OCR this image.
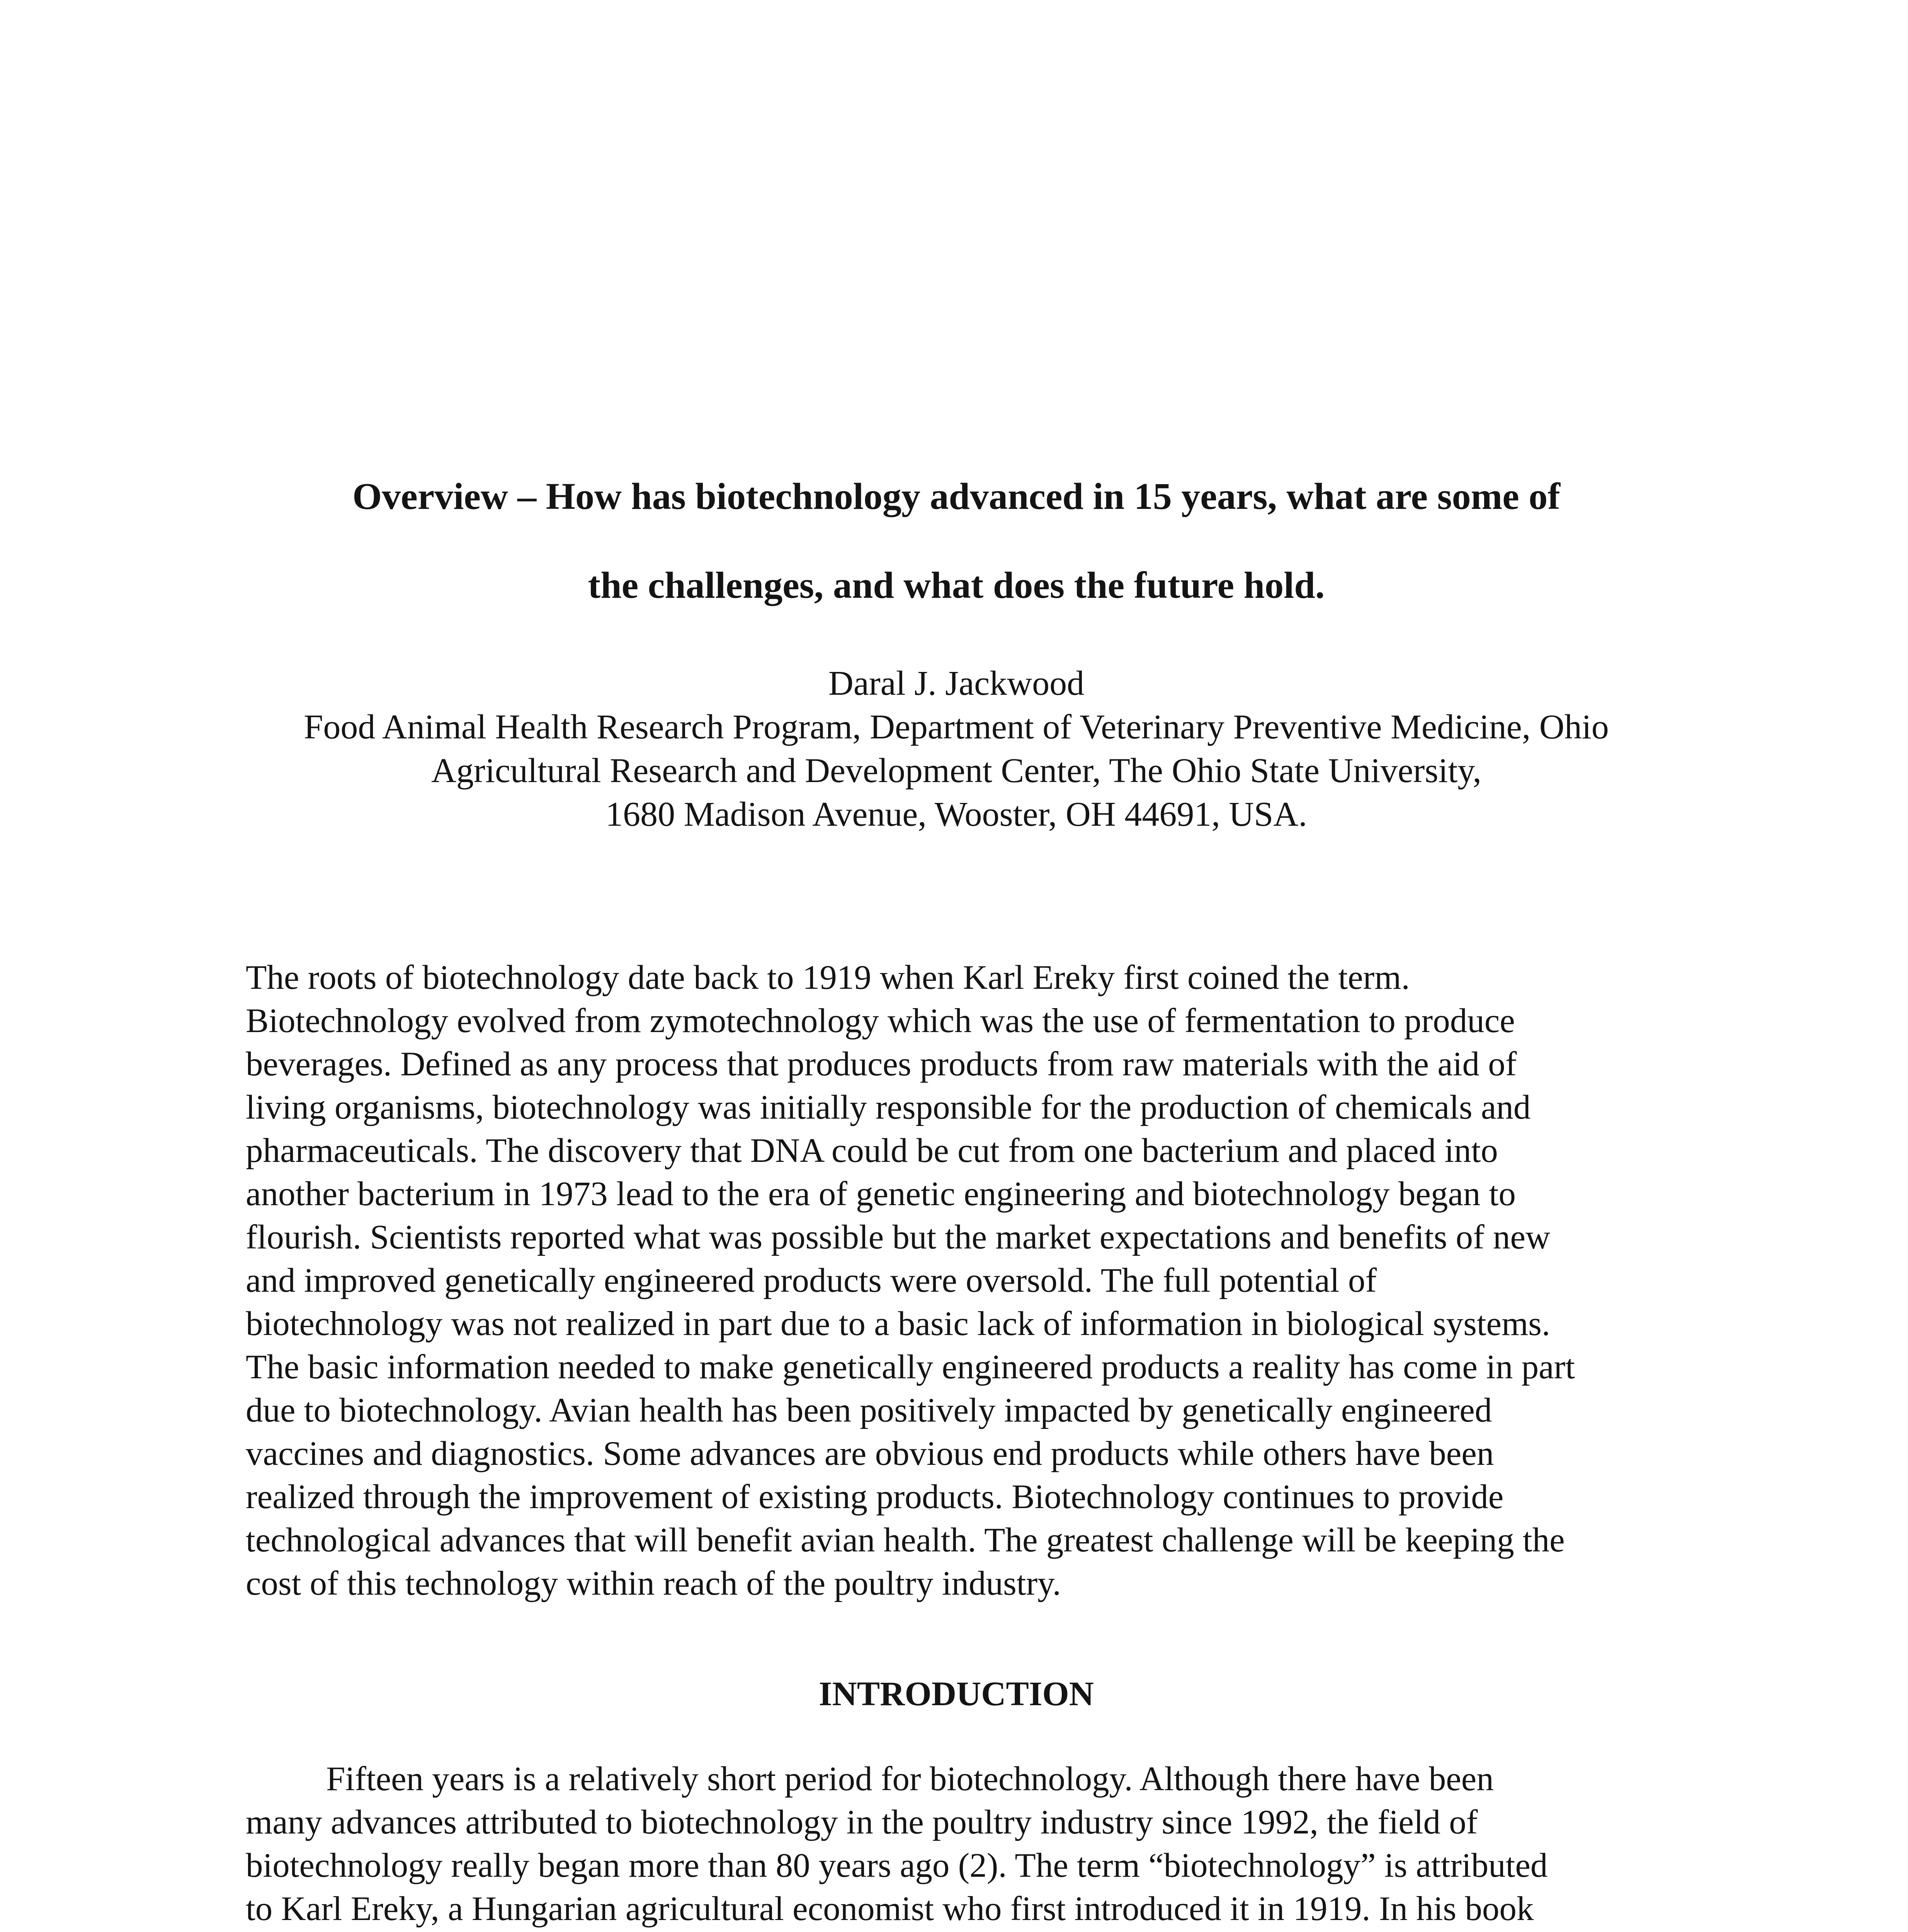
Overview – How has biotechnology advanced in 15 years, what are some of
the challenges, and what does the future hold.
Daral J. Jackwood
Food Animal Health Research Program, Department of Veterinary Preventive Medicine, Ohio
Agricultural Research and Development Center, The Ohio State University,
1680 Madison Avenue, Wooster, OH 44691, USA.

The roots of biotechnology date back to 1919 when Karl Ereky first coined the term.
Biotechnology evolved from zymotechnology which was the use of fermentation to produce
beverages. Defined as any process that produces products from raw materials with the aid of
living organisms, biotechnology was initially responsible for the production of chemicals and
pharmaceuticals. The discovery that DNA could be cut from one bacterium and placed into
another bacterium in 1973 lead to the era of genetic engineering and biotechnology began to
flourish. Scientists reported what was possible but the market expectations and benefits of new
and improved genetically engineered products were oversold. The full potential of
biotechnology was not realized in part due to a basic lack of information in biological systems.
The basic information needed to make genetically engineered products a reality has come in part
due to biotechnology. Avian health has been positively impacted by genetically engineered
vaccines and diagnostics. Some advances are obvious end products while others have been
realized through the improvement of existing products. Biotechnology continues to provide
technological advances that will benefit avian health. The greatest challenge will be keeping the
cost of this technology within reach of the poultry industry.

INTRODUCTION

Fifteen years is a relatively short period for biotechnology. Although there have been
many advances attributed to biotechnology in the poultry industry since 1992, the field of
biotechnology really began more than 80 years ago (2). The term “biotechnology” is attributed
to Karl Ereky, a Hungarian agricultural economist who first introduced it in 1919. In his book
